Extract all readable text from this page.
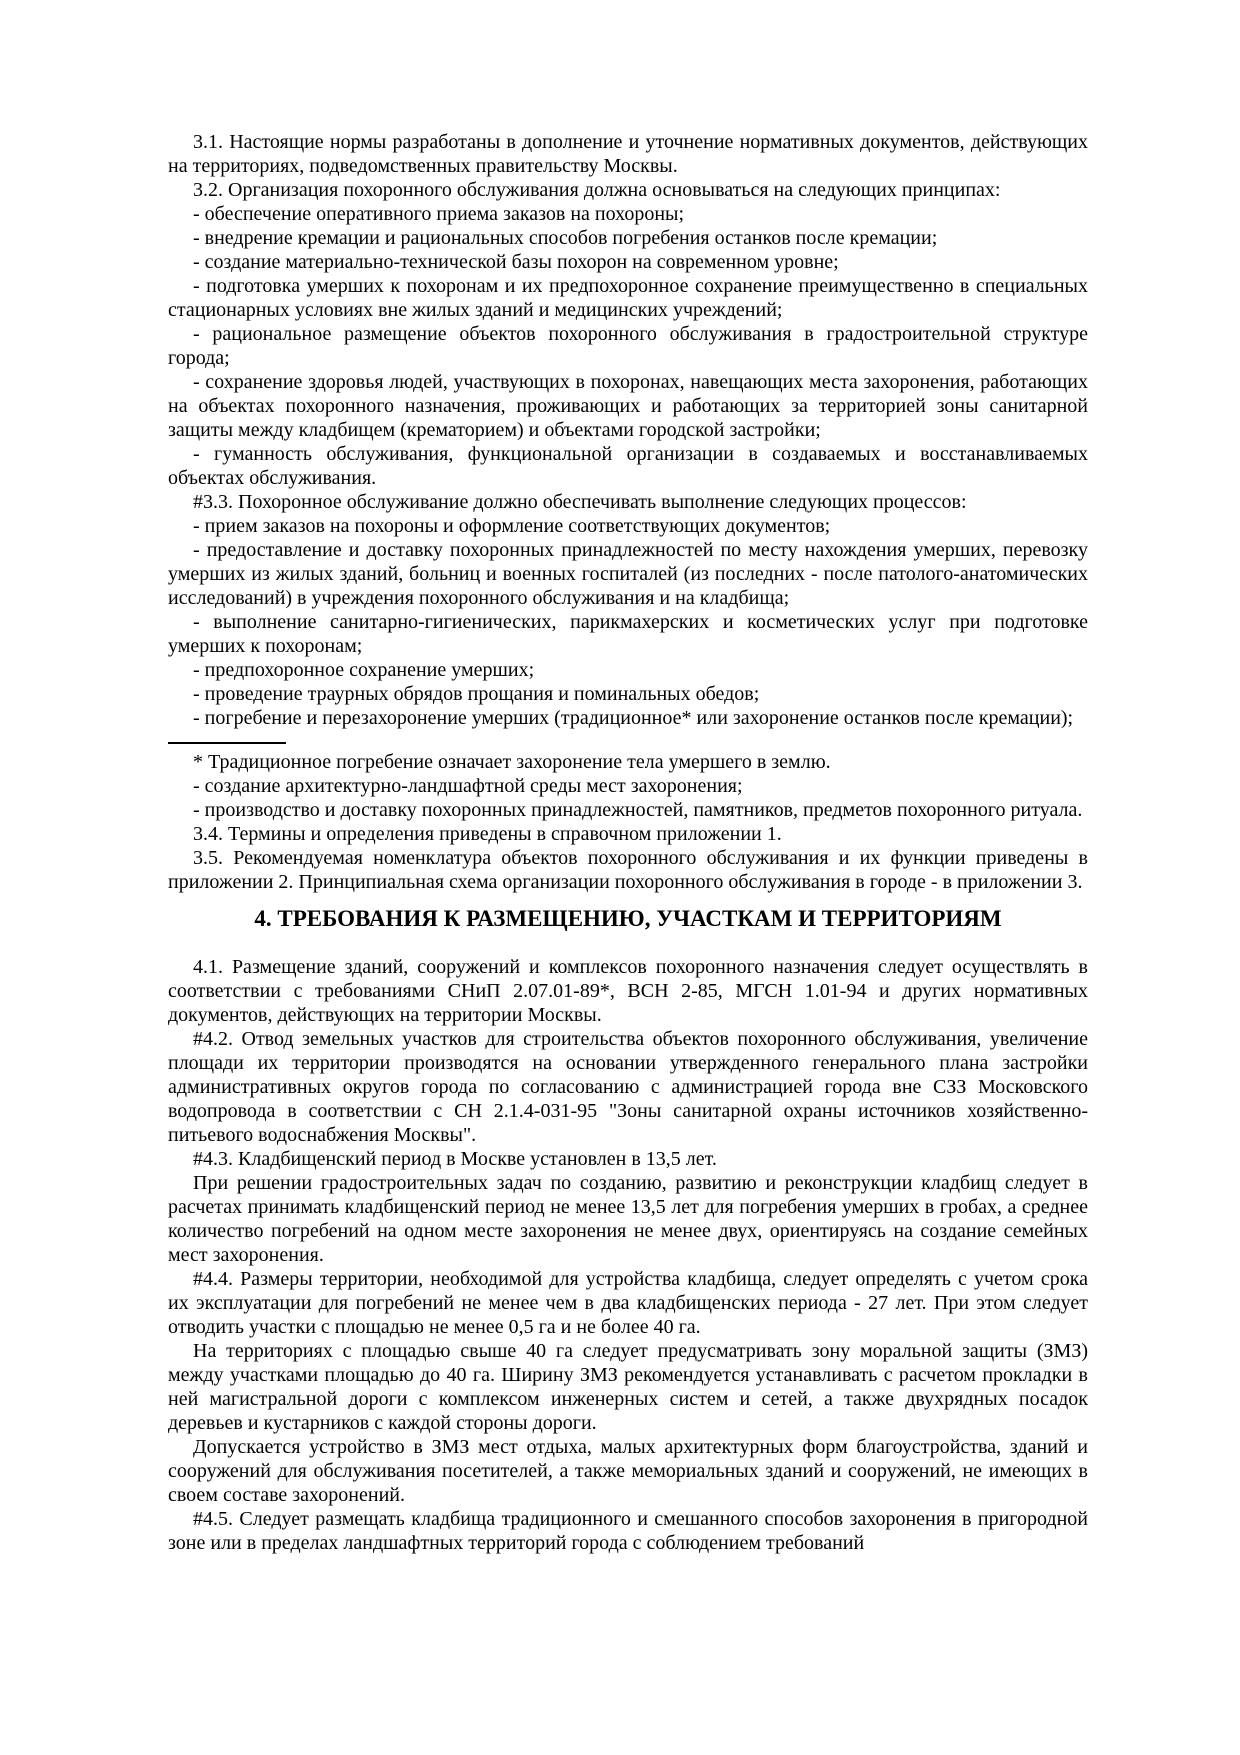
3.1. Настоящие нормы разработаны в дополнение и уточнение нормативных документов, действующих на территориях, подведомственных правительству Москвы.

3.2. Организация похоронного обслуживания должна основываться на следующих принципах:

- обеспечение оперативного приема заказов на похороны;

- внедрение кремации и рациональных способов погребения останков после кремации;

- создание материально-технической базы похорон на современном уровне;

- подготовка умерших к похоронам и их предпохоронное сохранение преимущественно в специальных стационарных условиях вне жилых зданий и медицинских учреждений;

- рациональное размещение объектов похоронного обслуживания в градостроительной структуре города;

- сохранение здоровья людей, участвующих в похоронах, навещающих места захоронения, работающих на объектах похоронного назначения, проживающих и работающих за территорией зоны санитарной защиты между кладбищем (крематорием) и объектами городской застройки;

- гуманность обслуживания, функциональной организации в создаваемых и восстанавливаемых объектах обслуживания.

#3.3. Похоронное обслуживание должно обеспечивать выполнение следующих процессов:

- прием заказов на похороны и оформление соответствующих документов;

- предоставление и доставку похоронных принадлежностей по месту нахождения умерших, перевозку умерших из жилых зданий, больниц и военных госпиталей (из последних - после патолого-анатомических исследований) в учреждения похоронного обслуживания и на кладбища;

- выполнение санитарно-гигиенических, парикмахерских и косметических услуг при подготовке умерших к похоронам;

- предпохоронное сохранение умерших;

- проведение траурных обрядов прощания и поминальных обедов;

- погребение и перезахоронение умерших (традиционное* или захоронение останков после кремации);

* Традиционное погребение означает захоронение тела умершего в землю.

- создание архитектурно-ландшафтной среды мест захоронения;

- производство и доставку похоронных принадлежностей, памятников, предметов похоронного ритуала.

3.4. Термины и определения приведены в справочном приложении 1.

3.5. Рекомендуемая номенклатура объектов похоронного обслуживания и их функции приведены в приложении 2. Принципиальная схема организации похоронного обслуживания в городе - в приложении 3.

4. ТРЕБОВАНИЯ К РАЗМЕЩЕНИЮ, УЧАСТКАМ И ТЕРРИТОРИЯМ

4.1. Размещение зданий, сооружений и комплексов похоронного назначения следует осуществлять в соответствии с требованиями СНиП 2.07.01-89*, ВСН 2-85, МГСН 1.01-94 и других нормативных документов, действующих на территории Москвы.

#4.2. Отвод земельных участков для строительства объектов похоронного обслуживания, увеличение площади их территории производятся на основании утвержденного генерального плана застройки административных округов города по согласованию с администрацией города вне СЗЗ Московского водопровода в соответствии с СН 2.1.4-031-95 "Зоны санитарной охраны источников хозяйственно-питьевого водоснабжения Москвы".

#4.3. Кладбищенский период в Москве установлен в 13,5 лет.

При решении градостроительных задач по созданию, развитию и реконструкции кладбищ следует в расчетах принимать кладбищенский период не менее 13,5 лет для погребения умерших в гробах, а среднее количество погребений на одном месте захоронения не менее двух, ориентируясь на создание семейных мест захоронения.

#4.4. Размеры территории, необходимой для устройства кладбища, следует определять с учетом срока их эксплуатации для погребений не менее чем в два кладбищенских периода - 27 лет. При этом следует отводить участки с площадью не менее 0,5 га и не более 40 га.

На территориях с площадью свыше 40 га следует предусматривать зону моральной защиты (ЗМЗ) между участками площадью до 40 га. Ширину ЗМЗ рекомендуется устанавливать с расчетом прокладки в ней магистральной дороги с комплексом инженерных систем и сетей, а также двухрядных посадок деревьев и кустарников с каждой стороны дороги.

Допускается устройство в ЗМЗ мест отдыха, малых архитектурных форм благоустройства, зданий и сооружений для обслуживания посетителей, а также мемориальных зданий и сооружений, не имеющих в своем составе захоронений.

#4.5. Следует размещать кладбища традиционного и смешанного способов захоронения в пригородной зоне или в пределах ландшафтных территорий города с соблюдением требований
